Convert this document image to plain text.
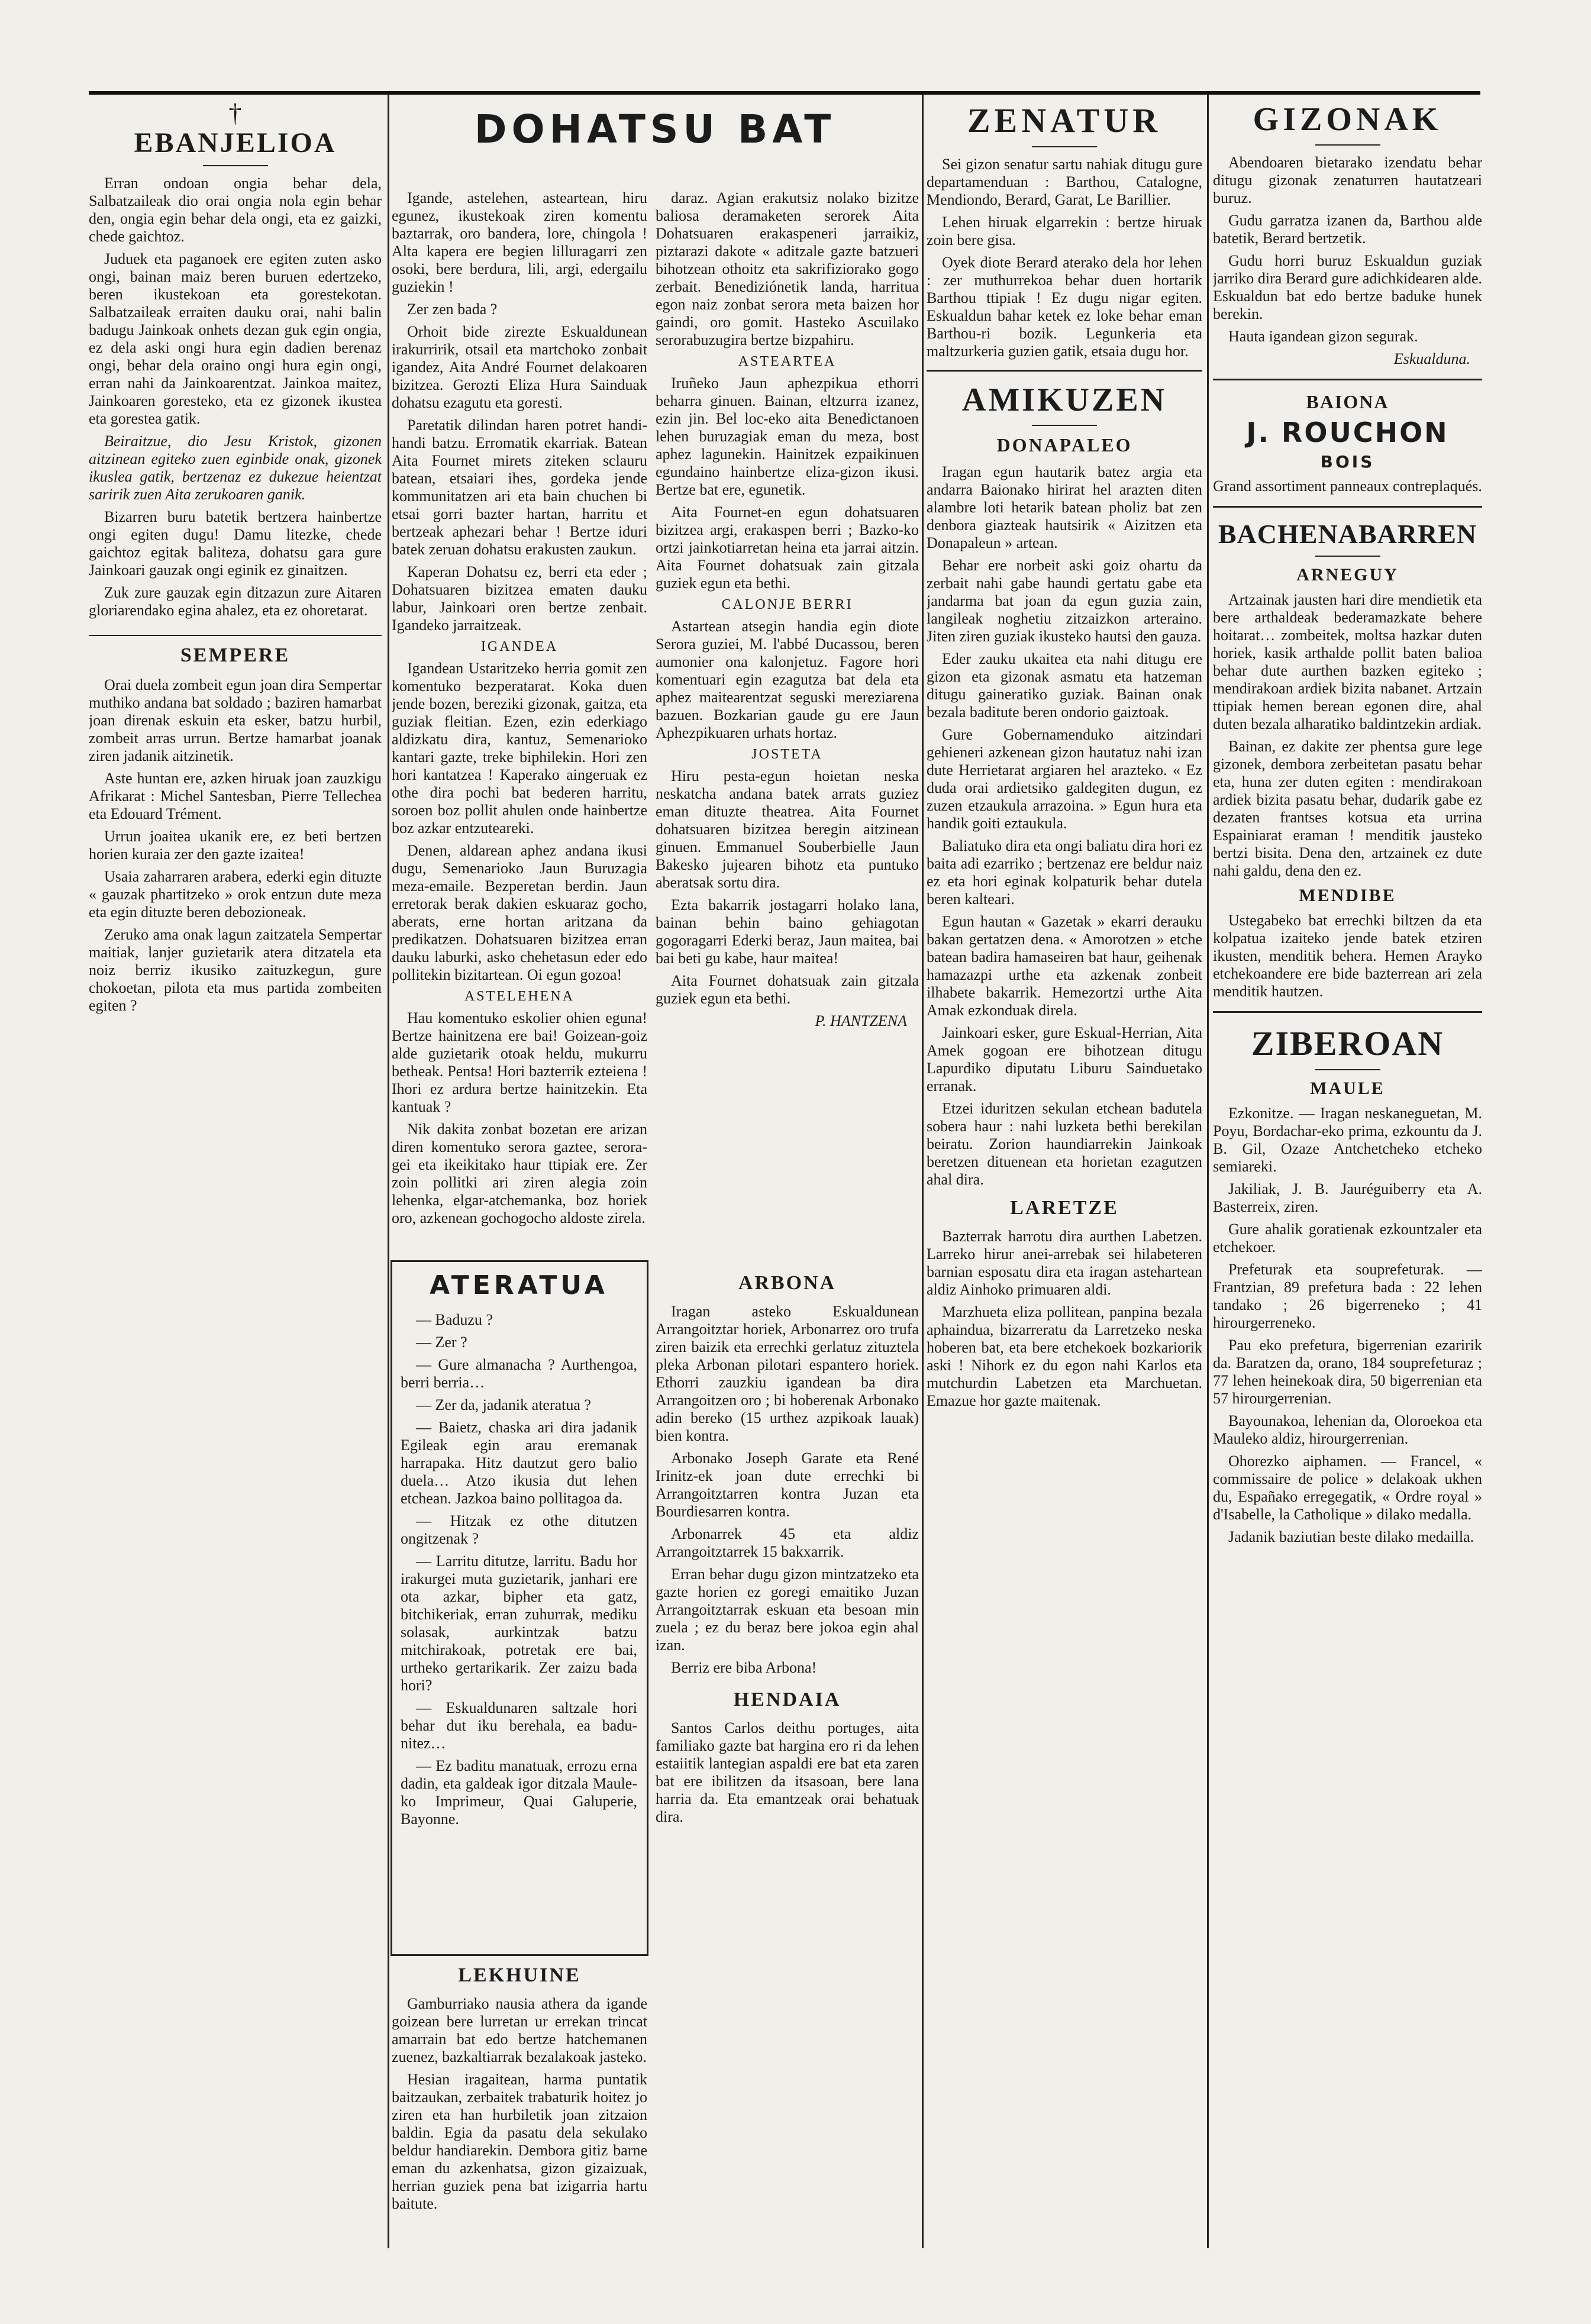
†
EBANJELIOA

Erran ondoan ongia behar dela, Salbatzaileak dio orai ongia nola egin behar den, ongia egin behar dela ongi, eta ez gaizki, chede gaichtoz.

Juduek eta paganoek ere egiten zuten asko ongi, bainan maiz beren buruen edertzeko, beren ikustekoan eta gorestekotan. Salbatzaileak erraiten dauku orai, nahi balin badugu Jainkoak onhets dezan guk egin ongia, ez dela aski ongi hura egin dadien berenaz ongi, behar dela oraino ongi hura egin ongi, erran nahi da Jainkoarentzat. Jainkoa maitez, Jainkoaren goresteko, eta ez gizonek ikustea eta gorestea gatik.

Beiraitzue, dio Jesu Kristok, gizonen aitzinean egiteko zuen eginbide onak, gizonek ikuslea gatik, bertzenaz ez dukezue heientzat saririk zuen Aita zerukoaren ganik.

Bizarren buru batetik bertzera hainbertze ongi egiten dugu! Damu litezke, chede gaichtoz egitak baliteza, dohatsu gara gure Jainkoari gauzak ongi eginik ez ginaitzen.

Zuk zure gauzak egin ditzazun zure Aitaren gloriarendako egina ahalez, eta ez ohoretarat.

SEMPERE

Orai duela zombeit egun joan dira Sempertar muthiko andana bat soldado ; baziren hamarbat joan direnak eskuin eta esker, batzu hurbil, zombeit arras urrun. Bertze hamarbat joanak ziren jadanik aitzinetik.

Aste huntan ere, azken hiruak joan zauzkigu Afrikarat : Michel Santesban, Pierre Tellechea eta Edouard Trément.

Urrun joaitea ukanik ere, ez beti bertzen horien kuraia zer den gazte izaitea!

Usaia zaharraren arabera, ederki egin dituzte « gauzak phartitzeko » orok entzun dute meza eta egin dituzte beren debozioneak.

Zeruko ama onak lagun zaitzatela Sempertar maitiak, lanjer guzietarik atera ditzatela eta noiz berriz ikusiko zaituzkegun, gure chokoetan, pilota eta mus partida zombeiten egiten ?

DOHATSU BAT

Igande, astelehen, asteartean, hiru egunez, ikustekoak ziren komentu baztarrak, oro bandera, lore, chingola ! Alta kapera ere begien lilluragarri zen osoki, bere berdura, lili, argi, edergailu guziekin !

Zer zen bada ?

Orhoit bide zirezte Eskualdunean irakurririk, otsail eta martchoko zonbait igandez, Aita André Fournet delakoaren bizitzea. Gerozti Eliza Hura Sainduak dohatsu ezagutu eta goresti.

Paretatik dilindan haren potret handi-handi batzu. Erromatik ekarriak. Batean Aita Fournet mirets ziteken sclauru batean, etsaiari ihes, gordeka jende kommunitatzen ari eta bain chuchen bi etsai gorri bazter hartan, harritu et bertzeak aphezari behar ! Bertze iduri batek zeruan dohatsu erakusten zaukun.

Kaperan Dohatsu ez, berri eta eder ; Dohatsuaren bizitzea ematen dauku labur, Jainkoari oren bertze zenbait. Igandeko jarraitzeak.

IGANDEA

Igandean Ustaritzeko herria gomit zen komentuko bezperatarat. Koka duen jende bozen, bereziki gizonak, gaitza, eta guziak fleitian. Ezen, ezin ederkiago aldizkatu dira, kantuz, Semenarioko kantari gazte, treke biphilekin. Hori zen hori kantatzea ! Kaperako aingeruak ez othe dira pochi bat bederen harritu, soroen boz pollit ahulen onde hainbertze boz azkar entzuteareki.

Denen, aldarean aphez andana ikusi dugu, Semenarioko Jaun Buruzagia meza-emaile. Bezperetan berdin. Jaun erretorak berak dakien eskuaraz gocho, aberats, erne hortan aritzana da predikatzen. Dohatsuaren bizitzea erran dauku laburki, asko chehetasun eder edo pollitekin bizitartean. Oi egun gozoa!

ASTELEHENA

Hau komentuko eskolier ohien eguna! Bertze hainitzena ere bai! Goizean-goiz alde guzietarik otoak heldu, mukurru betheak. Pentsa! Hori bazterrik ezteiena ! Ihori ez ardura bertze hainitzekin. Eta kantuak ?

Nik dakita zonbat bozetan ere arizan diren komentuko serora gaztee, serora-gei eta ikeikitako haur ttipiak ere. Zer zoin pollitki ari ziren alegia zoin lehenka, elgar-atchemanka, boz horiek oro, azkenean gochogocho aldoste zirela.

daraz. Agian erakutsiz nolako bizitze baliosa deramaketen serorek Aita Dohatsuaren erakaspeneri jarraikiz, piztarazi dakote « aditzale gazte batzueri bihotzean othoitz eta sakrifiziorako gogo zerbait. Benediziónetik landa, harritua egon naiz zonbat serora meta baizen hor gaindi, oro gomit. Hasteko Ascuilako serorabuzugira bertze bizpahiru.

ASTEARTEA

Iruñeko Jaun aphezpikua ethorri beharra ginuen. Bainan, eltzurra izanez, ezin jin. Bel loc-eko aita Benedictanoen lehen buruzagiak eman du meza, bost aphez lagunekin. Hainitzek ezpaikinuen egundaino hainbertze eliza-gizon ikusi. Bertze bat ere, egunetik.

Aita Fournet-en egun dohatsuaren bizitzea argi, erakaspen berri ; Bazko-ko ortzi jainkotiarretan heina eta jarrai aitzin. Aita Fournet dohatsuak zain gitzala guziek egun eta bethi.

CALONJE BERRI

Astartean atsegin handia egin diote Serora guziei, M. l'abbé Ducassou, beren aumonier ona kalonjetuz. Fagore hori komentuari egin ezagutza bat dela eta aphez maitearentzat seguski mereziarena bazuen. Bozkarian gaude gu ere Jaun Aphezpikuaren urhats hortaz.

JOSTETA

Hiru pesta-egun hoietan neska neskatcha andana batek arrats guziez eman dituzte theatrea. Aita Fournet dohatsuaren bizitzea beregin aitzinean ginuen. Emmanuel Souberbielle Jaun Bakesko jujearen bihotz eta puntuko aberatsak sortu dira.

Ezta bakarrik jostagarri holako lana, bainan behin baino gehiagotan gogoragarri Ederki beraz, Jaun maitea, bai bai beti gu kabe, haur maitea!

Aita Fournet dohatsuak zain gitzala guziek egun eta bethi.

P. HANTZENA
ATERATUA

— Baduzu ?

— Zer ?

— Gure almanacha ? Aurthengoa, berri berria…

— Zer da, jadanik ateratua ?

— Baietz, chaska ari dira jadanik Egileak egin arau eremanak harrapaka. Hitz dautzut gero balio duela… Atzo ikusia dut lehen etchean. Jazkoa baino pollitagoa da.

— Hitzak ez othe ditutzen ongitzenak ?

— Larritu ditutze, larritu. Badu hor irakurgei muta guzietarik, janhari ere ota azkar, bipher eta gatz, bitchikeriak, erran zuhurrak, mediku solasak, aurkintzak batzu mitchirakoak, potretak ere bai, urtheko gertarikarik. Zer zaizu bada hori?

— Eskualdunaren saltzale hori behar dut iku berehala, ea badu-nitez…

— Ez baditu manatuak, errozu erna dadin, eta galdeak igor ditzala Maule-ko Imprimeur, Quai Galuperie, Bayonne.

LEKHUINE

Gamburriako nausia athera da igande goizean bere lurretan ur errekan trincat amarrain bat edo bertze hatchemanen zuenez, bazkaltiarrak bezalakoak jasteko.

Hesian iragaitean, harma puntatik baitzaukan, zerbaitek trabaturik hoitez jo ziren eta han hurbiletik joan zitzaion baldin. Egia da pasatu dela sekulako beldur handiarekin. Dembora gitiz barne eman du azkenhatsa, gizon gizaizuak, herrian guziek pena bat izigarria hartu baitute.

ARBONA

Iragan asteko Eskualdunean Arrangoitztar horiek, Arbonarrez oro trufa ziren baizik eta errechki gerlatuz zituztela pleka Arbonan pilotari espantero horiek. Ethorri zauzkiu igandean ba dira Arrangoitzen oro ; bi hoberenak Arbonako adin bereko (15 urthez azpikoak lauak) bien kontra.

Arbonako Joseph Garate eta René Irinitz-ek joan dute errechki bi Arrangoitztarren kontra Juzan eta Bourdiesarren kontra.

Arbonarrek 45 eta aldiz Arrangoitztarrek 15 bakxarrik.

Erran behar dugu gizon mintzatzeko eta gazte horien ez goregi emaitiko Juzan Arrangoitztarrak eskuan eta besoan min zuela ; ez du beraz bere jokoa egin ahal izan.

Berriz ere biba Arbona!

HENDAIA

Santos Carlos deithu portuges, aita familiako gazte bat hargina ero ri da lehen estaiitik lantegian aspaldi ere bat eta zaren bat ere ibilitzen da itsasoan, bere lana harria da. Eta emantzeak orai behatuak dira.

ZENATUR

Sei gizon senatur sartu nahiak ditugu gure departamenduan : Barthou, Catalogne, Mendiondo, Berard, Garat, Le Barillier.

Lehen hiruak elgarrekin : bertze hiruak zoin bere gisa.

Oyek diote Berard aterako dela hor lehen : zer muthurrekoa behar duen hortarik Barthou ttipiak ! Ez dugu nigar egiten. Eskualdun bahar ketek ez loke behar eman Barthou-ri bozik. Legunkeria eta maltzurkeria guzien gatik, etsaia dugu hor.

AMIKUZEN
DONAPALEO

Iragan egun hautarik batez argia eta andarra Baionako hirirat hel arazten diten alambre loti hetarik batean pholiz bat zen denbora giazteak hautsirik « Aizitzen eta Donapaleun » artean.

Behar ere norbeit aski goiz ohartu da zerbait nahi gabe haundi gertatu gabe eta jandarma bat joan da egun guzia zain, langileak noghetiu zitzaizkon arteraino. Jiten ziren guziak ikusteko hautsi den gauza.

Eder zauku ukaitea eta nahi ditugu ere gizon eta gizonak asmatu eta hatzeman ditugu gaineratiko guziak. Bainan onak bezala baditute beren ondorio gaiztoak.

Gure Gobernamenduko aitzindari gehieneri azkenean gizon hautatuz nahi izan dute Herrietarat argiaren hel arazteko. « Ez duda orai ardietsiko galdegiten dugun, ez zuzen etzaukula arrazoina. » Egun hura eta handik goiti eztaukula.

Baliatuko dira eta ongi baliatu dira hori ez baita adi ezarriko ; bertzenaz ere beldur naiz ez eta hori eginak kolpaturik behar dutela beren kalteari.

Egun hautan « Gazetak » ekarri derauku bakan gertatzen dena. « Amorotzen » etche batean badira hamaseiren bat haur, geihenak hamazazpi urthe eta azkenak zonbeit ilhabete bakarrik. Hemezortzi urthe Aita Amak ezkonduak direla.

Jainkoari esker, gure Eskual-Herrian, Aita Amek gogoan ere bihotzean ditugu Lapurdiko diputatu Liburu Sainduetako erranak.

Etzei iduritzen sekulan etchean badutela sobera haur : nahi luzketa bethi berekilan beiratu. Zorion haundiarrekin Jainkoak beretzen dituenean eta horietan ezagutzen ahal dira.

LARETZE

Bazterrak harrotu dira aurthen Labetzen. Larreko hirur anei-arrebak sei hilabeteren barnian esposatu dira eta iragan astehartean aldiz Ainhoko primuaren aldi.

Marzhueta eliza pollitean, panpina bezala aphaindua, bizarreratu da Larretzeko neska hoberen bat, eta bere etchekoek bozkariorik aski ! Nihork ez du egon nahi Karlos eta mutchurdin Labetzen eta Marchuetan. Emazue hor gazte maitenak.

GIZONAK

Abendoaren bietarako izendatu behar ditugu gizonak zenaturren hautatzeari buruz.

Gudu garratza izanen da, Barthou alde batetik, Berard bertzetik.

Gudu horri buruz Eskualdun guziak jarriko dira Berard gure adichkidearen alde. Eskualdun bat edo bertze baduke hunek berekin.

Hauta igandean gizon segurak.

Eskualduna.
BAIONA
J. ROUCHON
BOIS
Grand assortiment panneaux contreplaqués.
BACHENABARREN
ARNEGUY

Artzainak jausten hari dire mendietik eta bere arthaldeak bederamazkate behere hoitarat… zombeitek, moltsa hazkar duten horiek, kasik arthalde pollit baten balioa behar dute aurthen bazken egiteko ; mendirakoan ardiek bizita nabanet. Artzain ttipiak hemen berean egonen dire, ahal duten bezala alharatiko baldintzekin ardiak.

Bainan, ez dakite zer phentsa gure lege gizonek, dembora zerbeitetan pasatu behar eta, huna zer duten egiten : mendirakoan ardiek bizita pasatu behar, dudarik gabe ez dezaten frantses kotsua eta urrina Espainiarat eraman ! menditik jausteko bertzi bisita. Dena den, artzainek ez dute nahi galdu, dena den ez.

MENDIBE

Ustegabeko bat errechki biltzen da eta kolpatua izaiteko jende batek etziren ikusten, menditik behera. Hemen Arayko etchekoandere ere bide bazterrean ari zela menditik hautzen.

ZIBEROAN
MAULE

Ezkonitze. — Iragan neskaneguetan, M. Poyu, Bordachar-eko prima, ezkountu da J. B. Gil, Ozaze Antchetcheko etcheko semiareki.

Jakiliak, J. B. Jauréguiberry eta A. Basterreix, ziren.

Gure ahalik goratienak ezkountzaler eta etchekoer.

Prefeturak eta souprefeturak. — Frantzian, 89 prefetura bada : 22 lehen tandako ; 26 bigerreneko ; 41 hirourgerreneko.

Pau eko prefetura, bigerrenian ezaririk da. Baratzen da, orano, 184 souprefeturaz ; 77 lehen heinekoak dira, 50 bigerrenian eta 57 hirourgerrenian.

Bayounakoa, lehenian da, Oloroekoa eta Mauleko aldiz, hirourgerrenian.

Ohorezko aiphamen. — Francel, « commissaire de police » delakoak ukhen du, Españako erregegatik, « Ordre royal » d'Isabelle, la Catholique » dilako medalla.

Jadanik baziutian beste dilako medailla.
